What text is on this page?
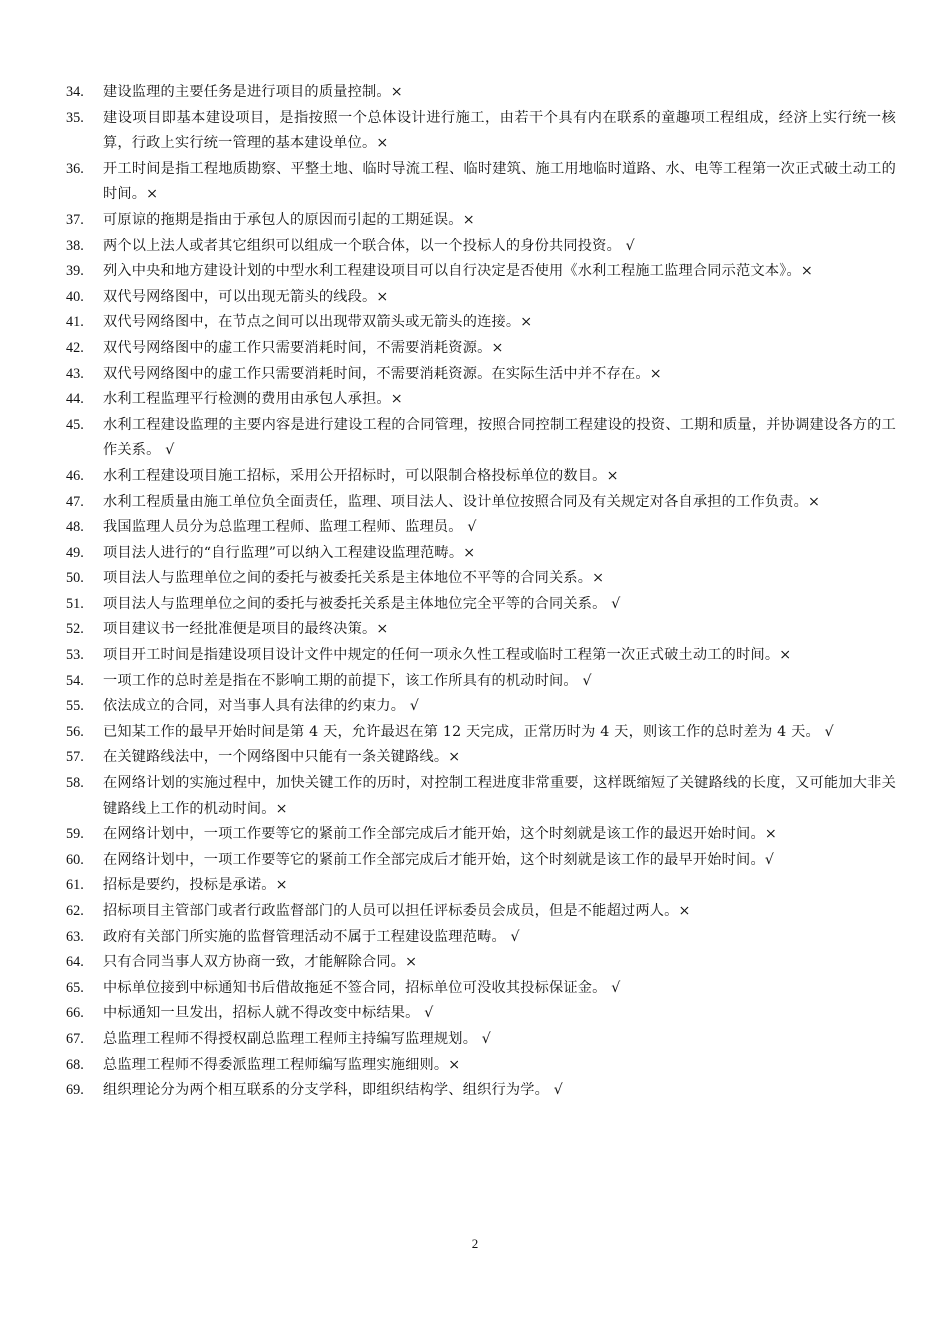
34.	建设监理的主要任务是进行项目的质量控制。×
35.	建设项目即基本建设项目，是指按照一个总体设计进行施工，由若干个具有内在联系的童趣项工程组成，经济上实行统一核算，行政上实行统一管理的基本建设单位。×
36.	开工时间是指工程地质勘察、平整土地、临时导流工程、临时建筑、施工用地临时道路、水、电等工程第一次正式破土动工的时间。×
37.	可原谅的拖期是指由于承包人的原因而引起的工期延误。×
38.	两个以上法人或者其它组织可以组成一个联合体，以一个投标人的身份共同投资。 √
39.	列入中央和地方建设计划的中型水利工程建设项目可以自行决定是否使用《水利工程施工监理合同示范文本》。×
40.	双代号网络图中，可以出现无箭头的线段。×
41.	双代号网络图中，在节点之间可以出现带双箭头或无箭头的连接。×
42.	双代号网络图中的虚工作只需要消耗时间，不需要消耗资源。×
43.	双代号网络图中的虚工作只需要消耗时间，不需要消耗资源。在实际生活中并不存在。×
44.	水利工程监理平行检测的费用由承包人承担。×
45.	水利工程建设监理的主要内容是进行建设工程的合同管理，按照合同控制工程建设的投资、工期和质量，并协调建设各方的工作关系。 √
46.	水利工程建设项目施工招标，采用公开招标时，可以限制合格投标单位的数目。×
47.	水利工程质量由施工单位负全面责任，监理、项目法人、设计单位按照合同及有关规定对各自承担的工作负责。×
48.	我国监理人员分为总监理工程师、监理工程师、监理员。 √
49.	项目法人进行的“自行监理”可以纳入工程建设监理范畴。×
50.	项目法人与监理单位之间的委托与被委托关系是主体地位不平等的合同关系。×
51.	项目法人与监理单位之间的委托与被委托关系是主体地位完全平等的合同关系。 √
52.	项目建议书一经批准便是项目的最终决策。×
53.	项目开工时间是指建设项目设计文件中规定的任何一项永久性工程或临时工程第一次正式破土动工的时间。×
54.	一项工作的总时差是指在不影响工期的前提下，该工作所具有的机动时间。 √
55.	依法成立的合同，对当事人具有法律的约束力。 √
56.	已知某工作的最早开始时间是第 4 天，允许最迟在第 12 天完成，正常历时为 4 天，则该工作的总时差为 4 天。 √
57.	在关键路线法中，一个网络图中只能有一条关键路线。×
58.	在网络计划的实施过程中，加快关键工作的历时，对控制工程进度非常重要，这样既缩短了关键路线的长度，又可能加大非关键路线上工作的机动时间。×
59.	在网络计划中，一项工作要等它的紧前工作全部完成后才能开始，这个时刻就是该工作的最迟开始时间。×
60.	在网络计划中，一项工作要等它的紧前工作全部完成后才能开始，这个时刻就是该工作的最早开始时间。√
61.	招标是要约，投标是承诺。×
62.	招标项目主管部门或者行政监督部门的人员可以担任评标委员会成员，但是不能超过两人。×
63.	政府有关部门所实施的监督管理活动不属于工程建设监理范畴。 √
64.	只有合同当事人双方协商一致，才能解除合同。×
65.	中标单位接到中标通知书后借故拖延不签合同，招标单位可没收其投标保证金。 √
66.	中标通知一旦发出，招标人就不得改变中标结果。 √
67.	总监理工程师不得授权副总监理工程师主持编写监理规划。 √
68.	总监理工程师不得委派监理工程师编写监理实施细则。×
69.	组织理论分为两个相互联系的分支学科，即组织结构学、组织行为学。 √
2
